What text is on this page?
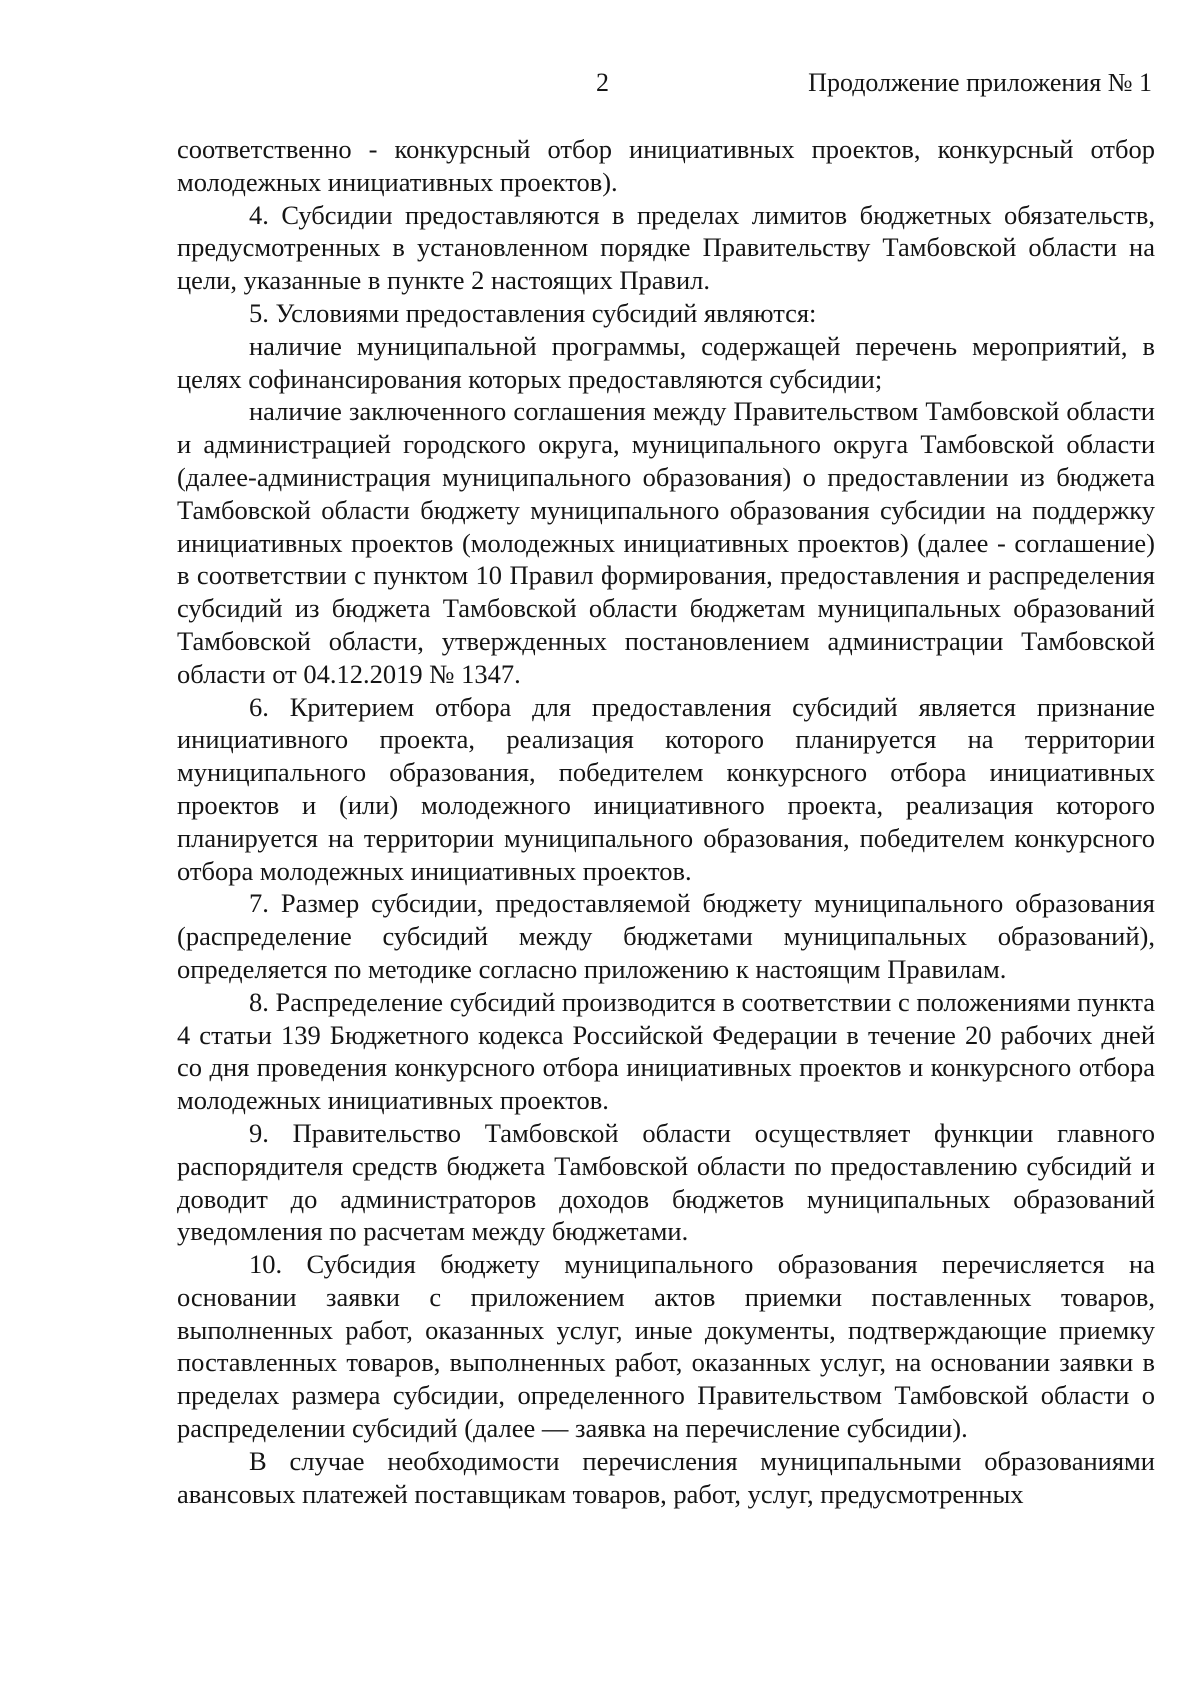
2	Продолжение приложения № 1

соответственно - конкурсный отбор инициативных проектов, конкурсный отбор молодежных инициативных проектов).

4. Субсидии предоставляются в пределах лимитов бюджетных обязательств, предусмотренных в установленном порядке Правительству Тамбовской области на цели, указанные в пункте 2 настоящих Правил.

5. Условиями предоставления субсидий являются:

наличие муниципальной программы, содержащей перечень мероприятий, в целях софинансирования которых предоставляются субсидии;

наличие заключенного соглашения между Правительством Тамбовской области и администрацией городского округа, муниципального округа Тамбовской области (далее-администрация муниципального образования) о предоставлении из бюджета Тамбовской области бюджету муниципального образования субсидии на поддержку инициативных проектов (молодежных инициативных проектов) (далее - соглашение) в соответствии с пунктом 10 Правил формирования, предоставления и распределения субсидий из бюджета Тамбовской области бюджетам муниципальных образований Тамбовской области, утвержденных постановлением администрации Тамбовской области от 04.12.2019 № 1347.

6. Критерием отбора для предоставления субсидий является признание инициативного проекта, реализация которого планируется на территории муниципального образования, победителем конкурсного отбора инициативных проектов и (или) молодежного инициативного проекта, реализация которого планируется на территории муниципального образования, победителем конкурсного отбора молодежных инициативных проектов.

7. Размер субсидии, предоставляемой бюджету муниципального образования (распределение субсидий между бюджетами муниципальных образований), определяется по методике согласно приложению к настоящим Правилам.

8. Распределение субсидий производится в соответствии с положениями пункта 4 статьи 139 Бюджетного кодекса Российской Федерации в течение 20 рабочих дней со дня проведения конкурсного отбора инициативных проектов и конкурсного отбора молодежных инициативных проектов.

9. Правительство Тамбовской области осуществляет функции главного распорядителя средств бюджета Тамбовской области по предоставлению субсидий и доводит до администраторов доходов бюджетов муниципальных образований уведомления по расчетам между бюджетами.

10. Субсидия бюджету муниципального образования перечисляется на основании заявки с приложением актов приемки поставленных товаров, выполненных работ, оказанных услуг, иные документы, подтверждающие приемку поставленных товаров, выполненных работ, оказанных услуг, на основании заявки в пределах размера субсидии, определенного Правительством Тамбовской области о распределении субсидий (далее — заявка на перечисление субсидии).

В случае необходимости перечисления муниципальными образованиями авансовых платежей поставщикам товаров, работ, услуг, предусмотренных
